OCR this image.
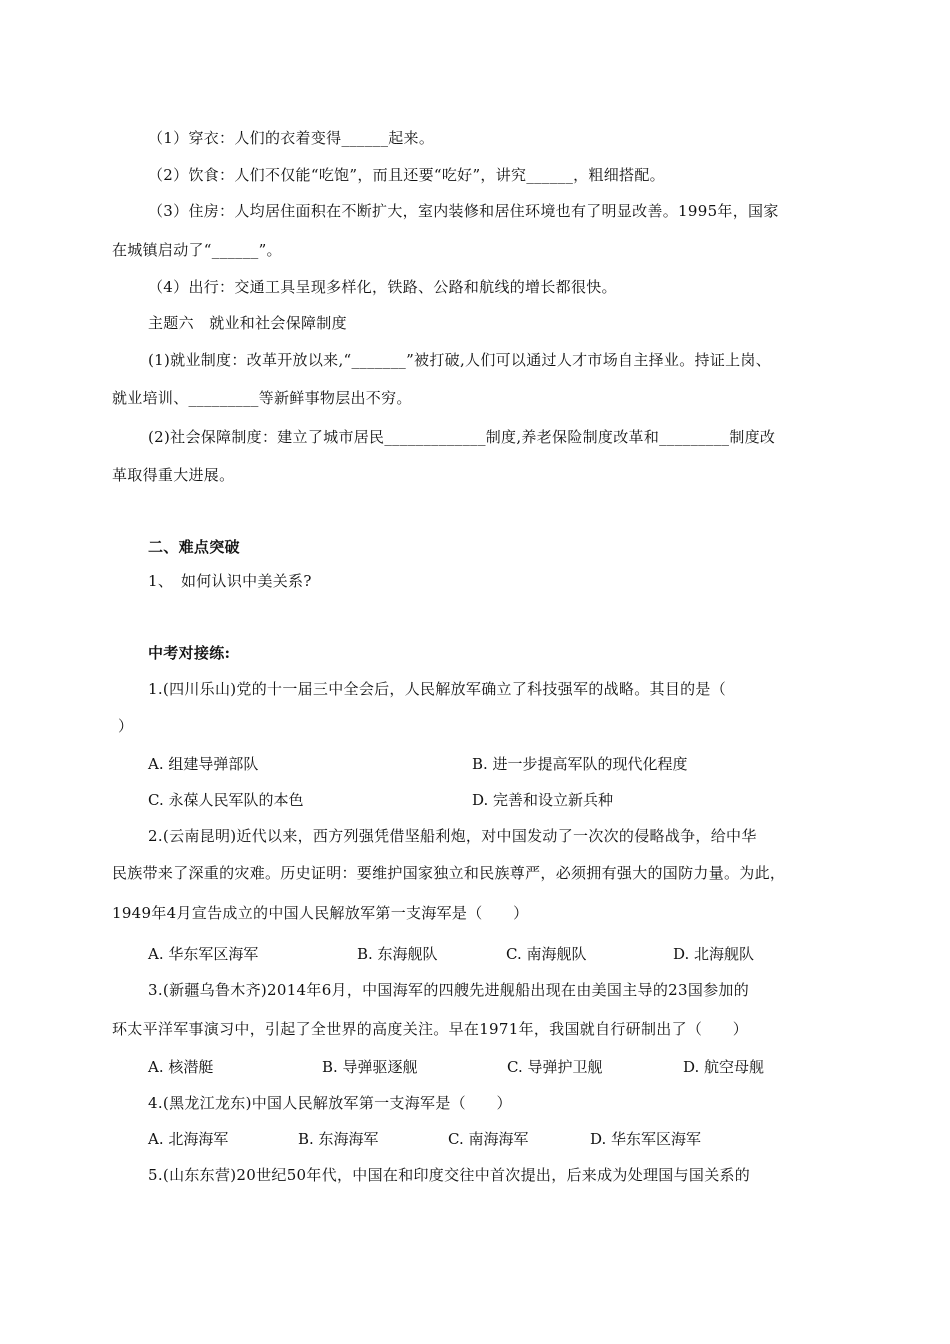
（1）穿衣：人们的衣着变得______起来。
（2）饮食：人们不仅能“吃饱”，而且还要“吃好”，讲究______，粗细搭配。
（3）住房：人均居住面积在不断扩大，室内装修和居住环境也有了明显改善。1995年，国家
在城镇启动了“______”。
（4）出行：交通工具呈现多样化，铁路、公路和航线的增长都很快。
主题六　就业和社会保障制度
(1)就业制度：改革开放以来,“_______”被打破,人们可以通过人才市场自主择业。持证上岗、
就业培训、_________等新鲜事物层出不穷。
(2)社会保障制度：建立了城市居民_____________制度,养老保险制度改革和_________制度改
革取得重大进展。
二、难点突破
1、　如何认识中美关系?
中考对接练:
1.(四川乐山)党的十一届三中全会后，人民解放军确立了科技强军的战略。其目的是（
）
A. 组建导弹部队	B. 进一步提高军队的现代化程度
C. 永葆人民军队的本色	D. 完善和设立新兵种
2.(云南昆明)近代以来，西方列强凭借坚船利炮，对中国发动了一次次的侵略战争，给中华
民族带来了深重的灾难。历史证明：要维护国家独立和民族尊严，必须拥有强大的国防力量。为此，
1949年4月宣告成立的中国人民解放军第一支海军是（　　）
A. 华东军区海军	B. 东海舰队	C. 南海舰队	D. 北海舰队
3.(新疆乌鲁木齐)2014年6月，中国海军的四艘先进舰船出现在由美国主导的23国参加的
环太平洋军事演习中，引起了全世界的高度关注。早在1971年，我国就自行研制出了（　　）
A. 核潜艇	B. 导弹驱逐舰	C. 导弹护卫舰	D. 航空母舰
4.(黑龙江龙东)中国人民解放军第一支海军是（　　）
A. 北海海军	B. 东海海军	C. 南海海军	D. 华东军区海军
5.(山东东营)20世纪50年代，中国在和印度交往中首次提出，后来成为处理国与国关系的
